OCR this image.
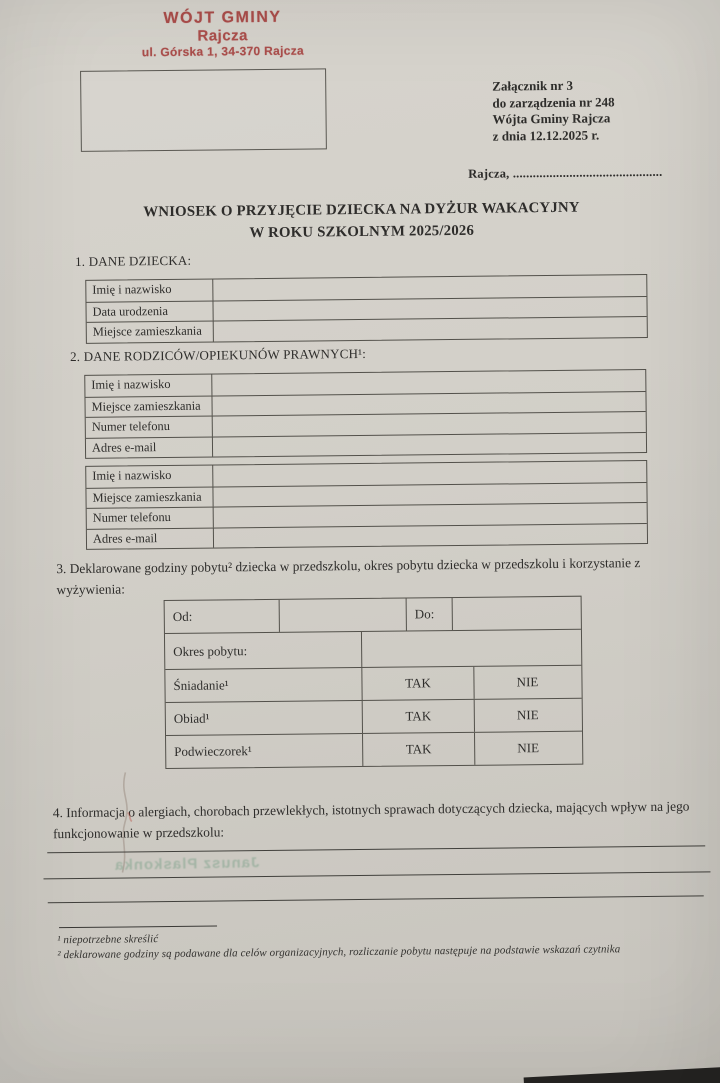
WÓJT GMINY
Rajcza
ul. Górska 1, 34-370 Rajcza
Załącznik nr 3
do zarządzenia nr 248
Wójta Gminy Rajcza
z dnia 12.12.2025 r.
Rajcza, .............................................
WNIOSEK O PRZYJĘCIE DZIECKA NA DYŻUR WAKACYJNY
W ROKU SZKOLNYM 2025/2026
1. DANE DZIECKA:
Imię i nazwisko
Data urodzenia
Miejsce zamieszkania
2. DANE RODZICÓW/OPIEKUNÓW PRAWNYCH¹:
Imię i nazwisko
Miejsce zamieszkania
Numer telefonu
Adres e-mail
Imię i nazwisko
Miejsce zamieszkania
Numer telefonu
Adres e-mail
3. Deklarowane godziny pobytu² dziecka w przedszkolu, okres pobytu dziecka w przedszkolu i korzystanie z wyżywienia:
Od:	Do:
Okres pobytu:
Śniadanie¹	TAK	NIE
Obiad¹	TAK	NIE
Podwieczorek¹	TAK	NIE
4. Informacja o alergiach, chorobach przewlekłych, istotnych sprawach dotyczących dziecka, mających wpływ na jego funkcjonowanie w przedszkolu:
Janusz Plaskonka
¹ niepotrzebne skreślić
² deklarowane godziny są podawane dla celów organizacyjnych, rozliczanie pobytu następuje na podstawie wskazań czytnika
